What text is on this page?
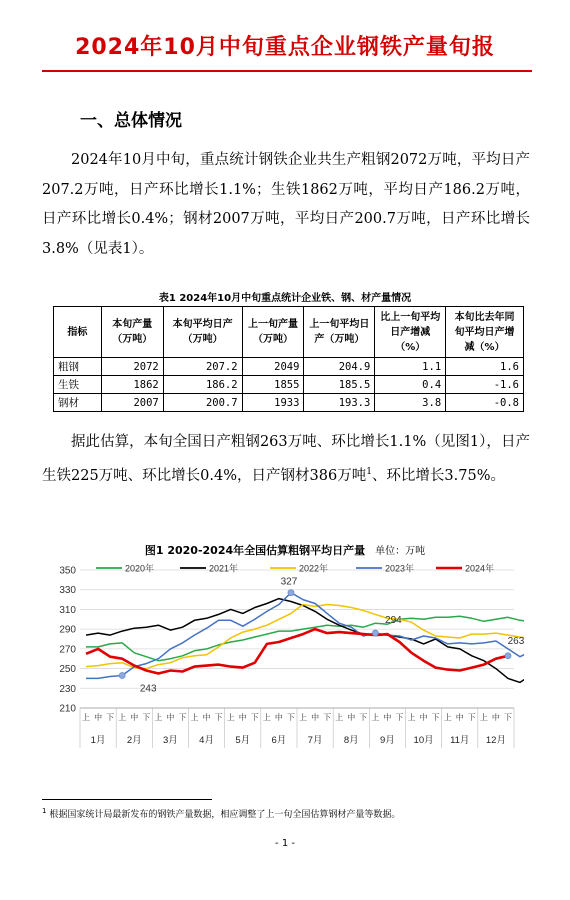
2024年10月中旬重点企业钢铁产量旬报
一、总体情况
2024年10月中旬，重点统计钢铁企业共生产粗钢2072万吨，平均日产207.2万吨，日产环比增长1.1%；生铁1862万吨，平均日产186.2万吨，日产环比增长0.4%；钢材2007万吨，平均日产200.7万吨，日产环比增长3.8%（见表1）。
表1 2024年10月中旬重点统计企业铁、钢、材产量情况
指标	本旬产量（万吨）	本旬平均日产（万吨）	上一旬产量（万吨）	上一旬平均日产（万吨）	比上一旬平均日产增减（%）	本旬比去年同旬平均日产增减（%）
粗钢	2072	207.2	2049	204.9	1.1	1.6
生铁	1862	186.2	1855	185.5	0.4	-1.6
钢材	2007	200.7	1933	193.3	3.8	-0.8
据此估算，本旬全国日产粗钢263万吨、环比增长1.1%（见图1），日产生铁225万吨、环比增长0.4%，日产钢材386万吨$^1$、环比增长3.75%。
图1 2020-2024年全国估算粗钢平均日产量 单位：万吨
210
230
250
270
290
310
330
350	2020年	2021年	2022年	2023年	2024年
上 中 下 上 中 下 上 中 下 上 中 下 上 中 下 上 中 下 上 中 下 上 中 下 上 中 下 上 中 下 上 中 下 上 中 下
1月 2月 3月 4月 5月 6月 7月 8月 9月 10月 11月 12月
327
294
263
243
$^1$ 根据国家统计局最新发布的钢铁产量数据，相应调整了上一旬全国估算钢材产量等数据。
- 1 -
